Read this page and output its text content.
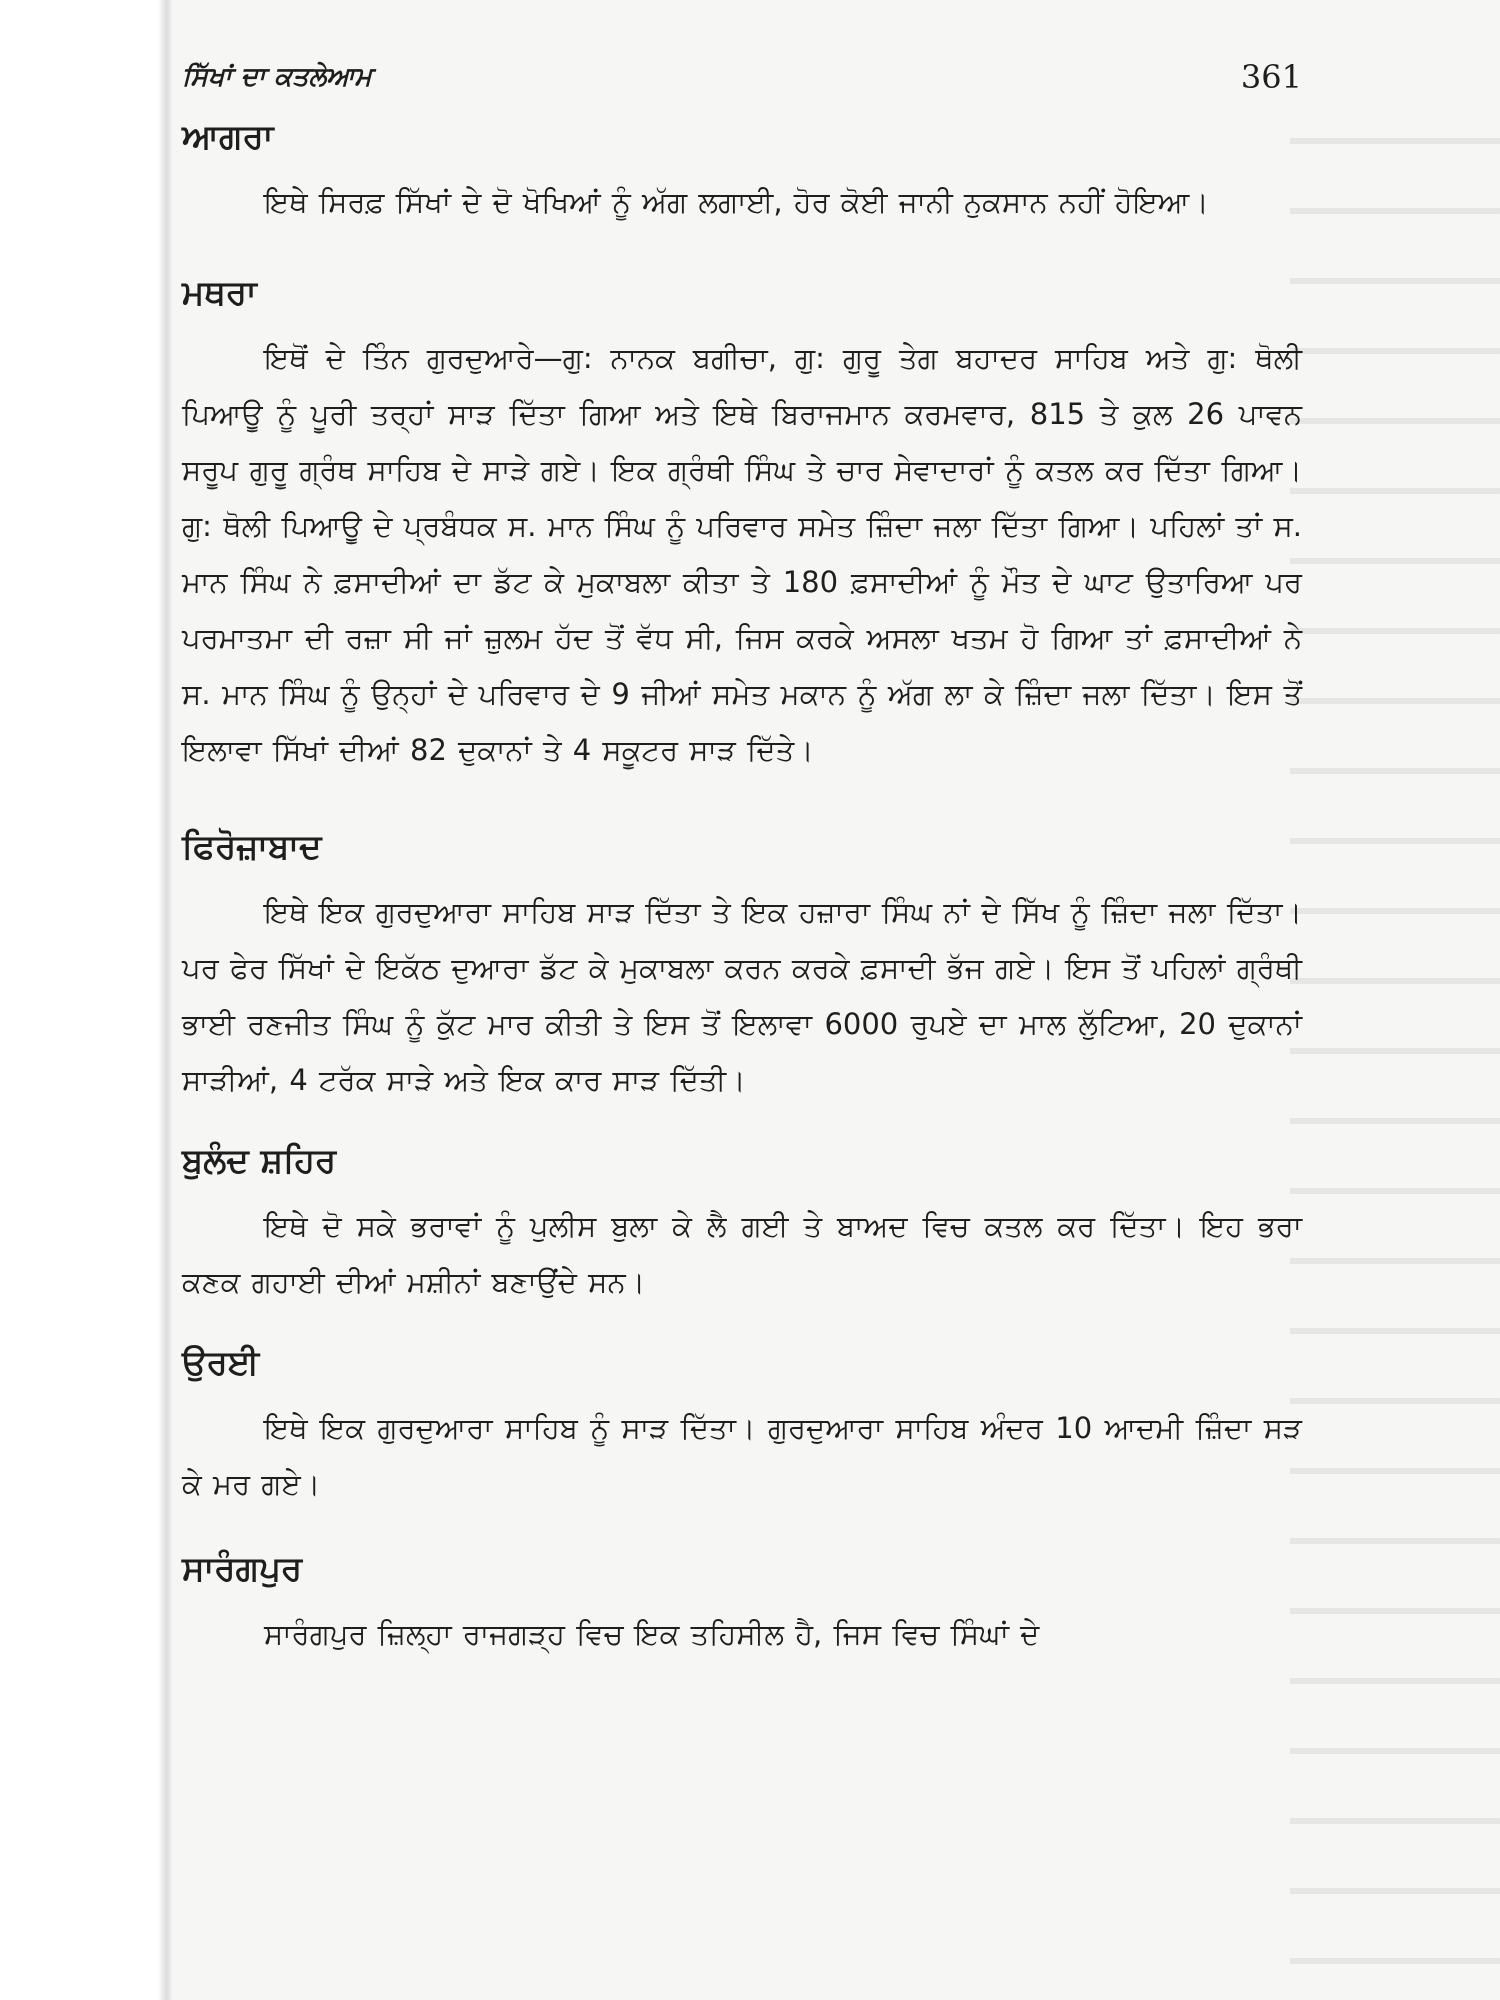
ਸਿੱਖਾਂ ਦਾ ਕਤਲੇਆਮ	361
ਆਗਰਾ

ਇਥੇ ਸਿਰਫ਼ ਸਿੱਖਾਂ ਦੇ ਦੋ ਖੋਖਿਆਂ ਨੂੰ ਅੱਗ ਲਗਾਈ, ਹੋਰ ਕੋਈ ਜਾਨੀ ਨੁਕਸਾਨ ਨਹੀਂ ਹੋਇਆ।

ਮਥਰਾ

ਇਥੋਂ ਦੇ ਤਿੰਨ ਗੁਰਦੁਆਰੇ—ਗੁ: ਨਾਨਕ ਬਗੀਚਾ, ਗੁ: ਗੁਰੂ ਤੇਗ ਬਹਾਦਰ ਸਾਹਿਬ ਅਤੇ ਗੁ: ਥੋਲੀ ਪਿਆਊ ਨੂੰ ਪੂਰੀ ਤਰ੍ਹਾਂ ਸਾੜ ਦਿੱਤਾ ਗਿਆ ਅਤੇ ਇਥੇ ਬਿਰਾਜਮਾਨ ਕਰਮਵਾਰ, 815 ਤੇ ਕੁਲ 26 ਪਾਵਨ ਸਰੂਪ ਗੁਰੂ ਗ੍ਰੰਥ ਸਾਹਿਬ ਦੇ ਸਾੜੇ ਗਏ। ਇਕ ਗ੍ਰੰਥੀ ਸਿੰਘ ਤੇ ਚਾਰ ਸੇਵਾਦਾਰਾਂ ਨੂੰ ਕਤਲ ਕਰ ਦਿੱਤਾ ਗਿਆ। ਗੁ: ਥੋਲੀ ਪਿਆਊ ਦੇ ਪ੍ਰਬੰਧਕ ਸ. ਮਾਨ ਸਿੰਘ ਨੂੰ ਪਰਿਵਾਰ ਸਮੇਤ ਜ਼ਿੰਦਾ ਜਲਾ ਦਿੱਤਾ ਗਿਆ। ਪਹਿਲਾਂ ਤਾਂ ਸ. ਮਾਨ ਸਿੰਘ ਨੇ ਫ਼ਸਾਦੀਆਂ ਦਾ ਡੱਟ ਕੇ ਮੁਕਾਬਲਾ ਕੀਤਾ ਤੇ 180 ਫ਼ਸਾਦੀਆਂ ਨੂੰ ਮੌਤ ਦੇ ਘਾਟ ਉਤਾਰਿਆ ਪਰ ਪਰਮਾਤਮਾ ਦੀ ਰਜ਼ਾ ਸੀ ਜਾਂ ਜ਼ੁਲਮ ਹੱਦ ਤੋਂ ਵੱਧ ਸੀ, ਜਿਸ ਕਰਕੇ ਅਸਲਾ ਖਤਮ ਹੋ ਗਿਆ ਤਾਂ ਫ਼ਸਾਦੀਆਂ ਨੇ ਸ. ਮਾਨ ਸਿੰਘ ਨੂੰ ਉਨ੍ਹਾਂ ਦੇ ਪਰਿਵਾਰ ਦੇ 9 ਜੀਆਂ ਸਮੇਤ ਮਕਾਨ ਨੂੰ ਅੱਗ ਲਾ ਕੇ ਜ਼ਿੰਦਾ ਜਲਾ ਦਿੱਤਾ। ਇਸ ਤੋਂ ਇਲਾਵਾ ਸਿੱਖਾਂ ਦੀਆਂ 82 ਦੁਕਾਨਾਂ ਤੇ 4 ਸਕੂਟਰ ਸਾੜ ਦਿੱਤੇ।

ਫਿਰੋਜ਼ਾਬਾਦ

ਇਥੇ ਇਕ ਗੁਰਦੁਆਰਾ ਸਾਹਿਬ ਸਾੜ ਦਿੱਤਾ ਤੇ ਇਕ ਹਜ਼ਾਰਾ ਸਿੰਘ ਨਾਂ ਦੇ ਸਿੱਖ ਨੂੰ ਜ਼ਿੰਦਾ ਜਲਾ ਦਿੱਤਾ। ਪਰ ਫੇਰ ਸਿੱਖਾਂ ਦੇ ਇਕੱਠ ਦੁਆਰਾ ਡੱਟ ਕੇ ਮੁਕਾਬਲਾ ਕਰਨ ਕਰਕੇ ਫ਼ਸਾਦੀ ਭੱਜ ਗਏ। ਇਸ ਤੋਂ ਪਹਿਲਾਂ ਗ੍ਰੰਥੀ ਭਾਈ ਰਣਜੀਤ ਸਿੰਘ ਨੂੰ ਕੁੱਟ ਮਾਰ ਕੀਤੀ ਤੇ ਇਸ ਤੋਂ ਇਲਾਵਾ 6000 ਰੁਪਏ ਦਾ ਮਾਲ ਲੁੱਟਿਆ, 20 ਦੁਕਾਨਾਂ ਸਾੜੀਆਂ, 4 ਟਰੱਕ ਸਾੜੇ ਅਤੇ ਇਕ ਕਾਰ ਸਾੜ ਦਿੱਤੀ।

ਬੁਲੰਦ ਸ਼ਹਿਰ

ਇਥੇ ਦੋ ਸਕੇ ਭਰਾਵਾਂ ਨੂੰ ਪੁਲੀਸ ਬੁਲਾ ਕੇ ਲੈ ਗਈ ਤੇ ਬਾਅਦ ਵਿਚ ਕਤਲ ਕਰ ਦਿੱਤਾ। ਇਹ ਭਰਾ ਕਣਕ ਗਹਾਈ ਦੀਆਂ ਮਸ਼ੀਨਾਂ ਬਣਾਉਂਦੇ ਸਨ।

ਉਰਈ

ਇਥੇ ਇਕ ਗੁਰਦੁਆਰਾ ਸਾਹਿਬ ਨੂੰ ਸਾੜ ਦਿੱਤਾ। ਗੁਰਦੁਆਰਾ ਸਾਹਿਬ ਅੰਦਰ 10 ਆਦਮੀ ਜ਼ਿੰਦਾ ਸੜ ਕੇ ਮਰ ਗਏ।

ਸਾਰੰਗਪੁਰ

ਸਾਰੰਗਪੁਰ ਜ਼ਿਲ੍ਹਾ ਰਾਜਗੜ੍ਹ ਵਿਚ ਇਕ ਤਹਿਸੀਲ ਹੈ, ਜਿਸ ਵਿਚ ਸਿੰਘਾਂ ਦੇ
